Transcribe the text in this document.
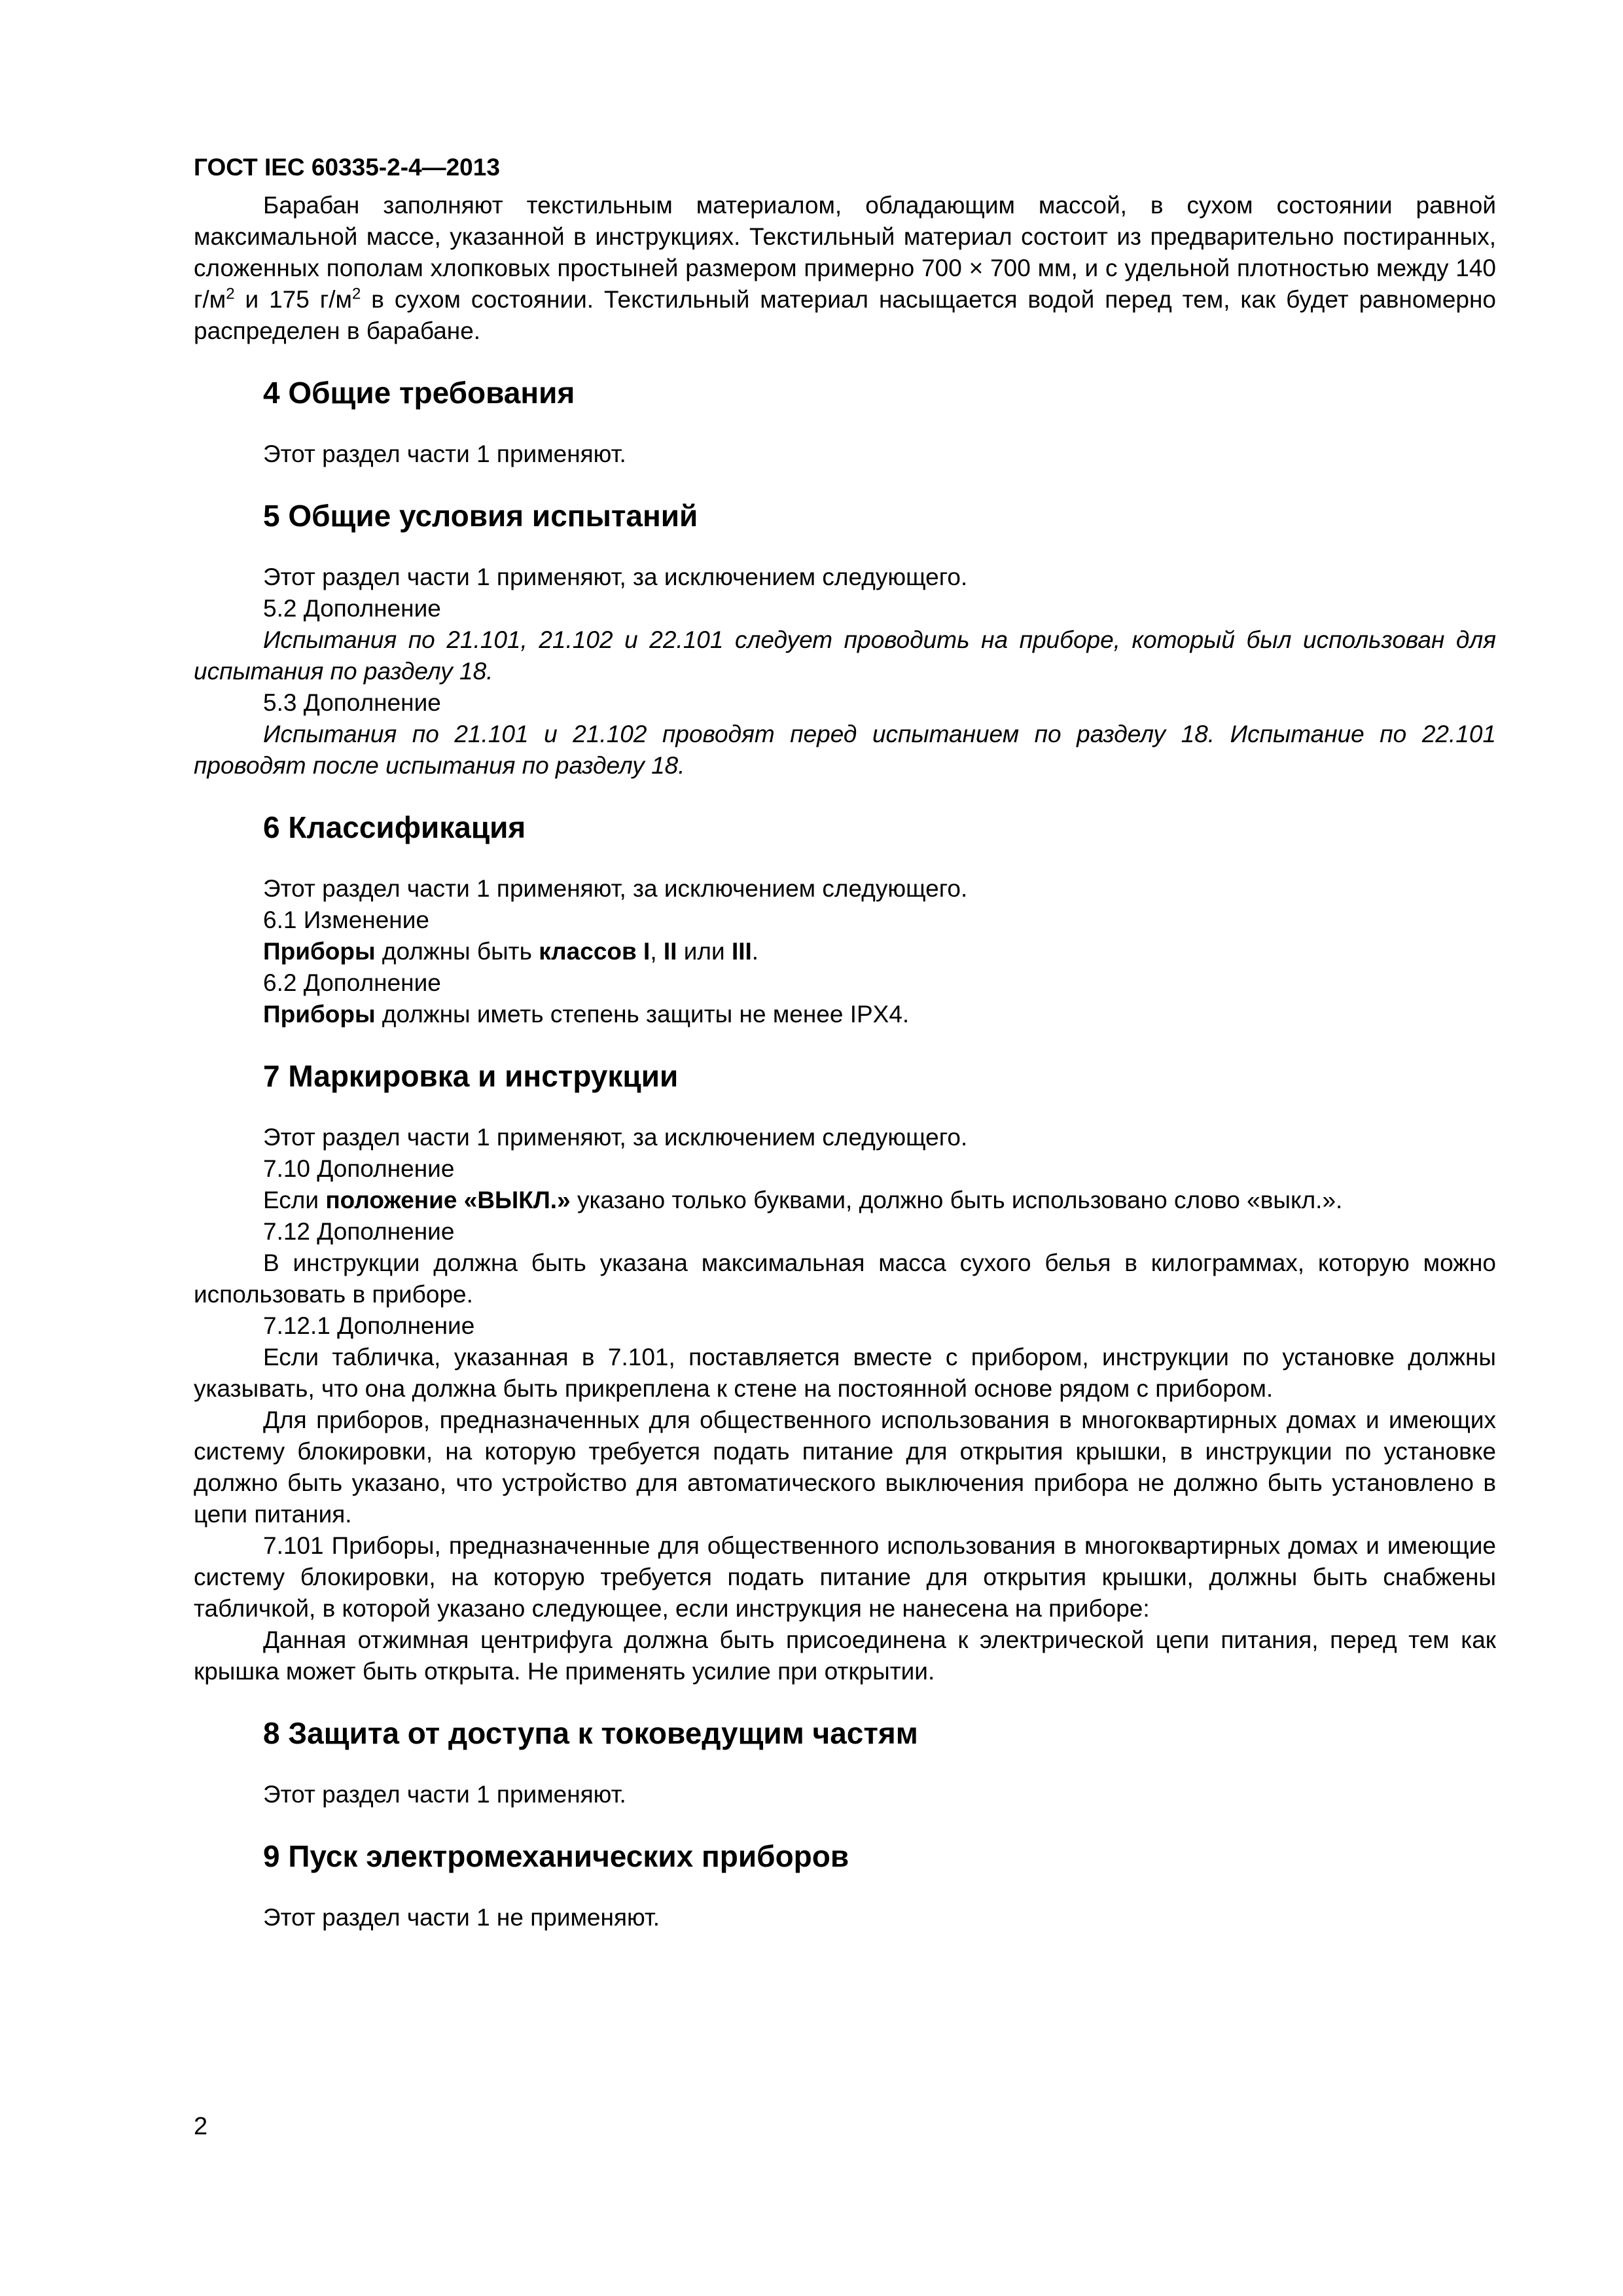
ГОСТ IEC 60335-2-4—2013

Барабан заполняют текстильным материалом, обладающим массой, в сухом состоянии равной максимальной массе, указанной в инструкциях. Текстильный материал состоит из предварительно постиранных, сложенных пополам хлопковых простыней размером примерно 700 × 700 мм, и с удельной плотностью между 140 $г/м^2$ и 175 $г/м^2$ в сухом состоянии. Текстильный материал насыщается водой перед тем, как будет равномерно распределен в барабане.

4 Общие требования

Этот раздел части 1 применяют.

5 Общие условия испытаний

Этот раздел части 1 применяют, за исключением следующего.

5.2 Дополнение

Испытания по 21.101, 21.102 и 22.101 следует проводить на приборе, который был использован для испытания по разделу 18.

5.3 Дополнение

Испытания по 21.101 и 21.102 проводят перед испытанием по разделу 18. Испытание по 22.101 проводят после испытания по разделу 18.

6 Классификация

Этот раздел части 1 применяют, за исключением следующего.

6.1 Изменение

Приборы должны быть классов I, II или III.

6.2 Дополнение

Приборы должны иметь степень защиты не менее IPX4.

7 Маркировка и инструкции

Этот раздел части 1 применяют, за исключением следующего.

7.10 Дополнение

Если положение «ВЫКЛ.» указано только буквами, должно быть использовано слово «выкл.».

7.12 Дополнение

В инструкции должна быть указана максимальная масса сухого белья в килограммах, которую можно использовать в приборе.

7.12.1 Дополнение

Если табличка, указанная в 7.101, поставляется вместе с прибором, инструкции по установке должны указывать, что она должна быть прикреплена к стене на постоянной основе рядом с прибором.

Для приборов, предназначенных для общественного использования в многоквартирных домах и имеющих систему блокировки, на которую требуется подать питание для открытия крышки, в инструкции по установке должно быть указано, что устройство для автоматического выключения прибора не должно быть установлено в цепи питания.

7.101 Приборы, предназначенные для общественного использования в многоквартирных домах и имеющие систему блокировки, на которую требуется подать питание для открытия крышки, должны быть снабжены табличкой, в которой указано следующее, если инструкция не нанесена на приборе:

Данная отжимная центрифуга должна быть присоединена к электрической цепи питания, перед тем как крышка может быть открыта. Не применять усилие при открытии.

8 Защита от доступа к токоведущим частям

Этот раздел части 1 применяют.

9 Пуск электромеханических приборов

Этот раздел части 1 не применяют.

2
